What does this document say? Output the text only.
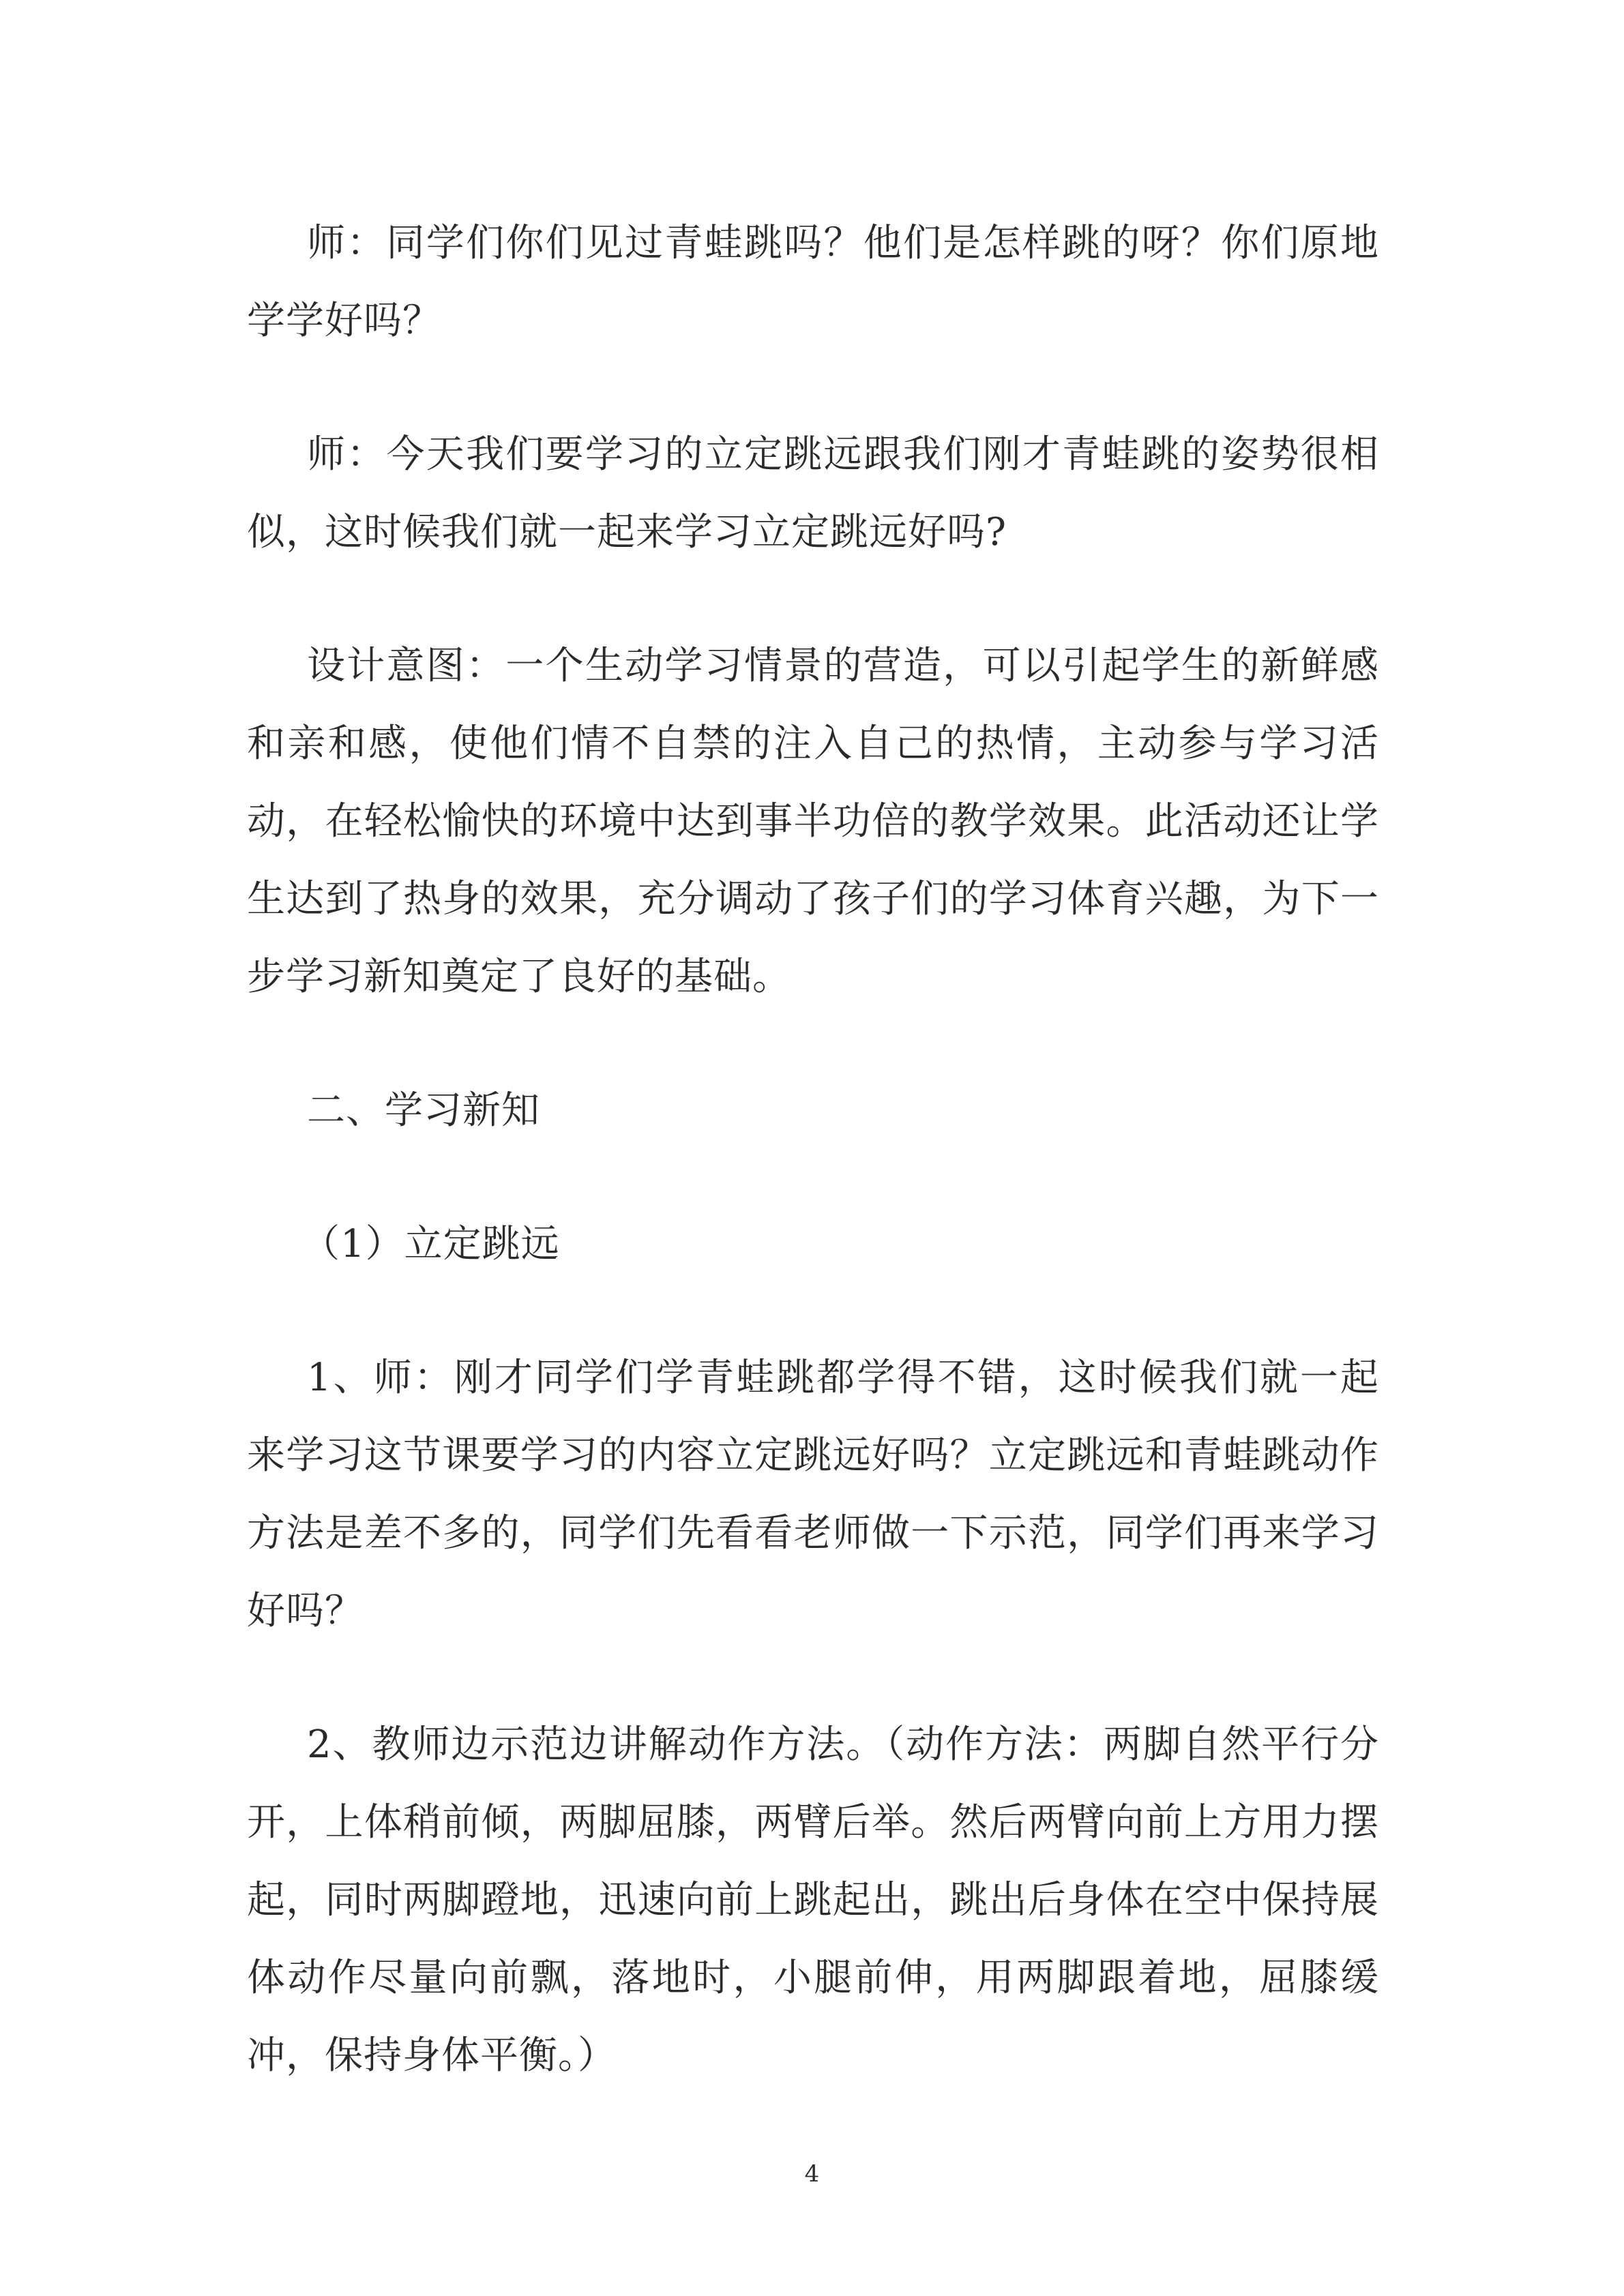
师：同学们你们见过青蛙跳吗？他们是怎样跳的呀？你们原地学学好吗？

师：今天我们要学习的立定跳远跟我们刚才青蛙跳的姿势很相似，这时候我们就一起来学习立定跳远好吗?

设计意图：一个生动学习情景的营造，可以引起学生的新鲜感和亲和感，使他们情不自禁的注入自己的热情，主动参与学习活动，在轻松愉快的环境中达到事半功倍的教学效果。此活动还让学生达到了热身的效果，充分调动了孩子们的学习体育兴趣，为下一步学习新知奠定了良好的基础。

二、学习新知

（1）立定跳远

1、师：刚才同学们学青蛙跳都学得不错，这时候我们就一起来学习这节课要学习的内容立定跳远好吗？立定跳远和青蛙跳动作方法是差不多的，同学们先看看老师做一下示范，同学们再来学习好吗？

2、教师边示范边讲解动作方法。（动作方法：两脚自然平行分开，上体稍前倾，两脚屈膝，两臂后举。然后两臂向前上方用力摆起，同时两脚蹬地，迅速向前上跳起出，跳出后身体在空中保持展体动作尽量向前飘，落地时，小腿前伸，用两脚跟着地，屈膝缓冲，保持身体平衡。）

4
